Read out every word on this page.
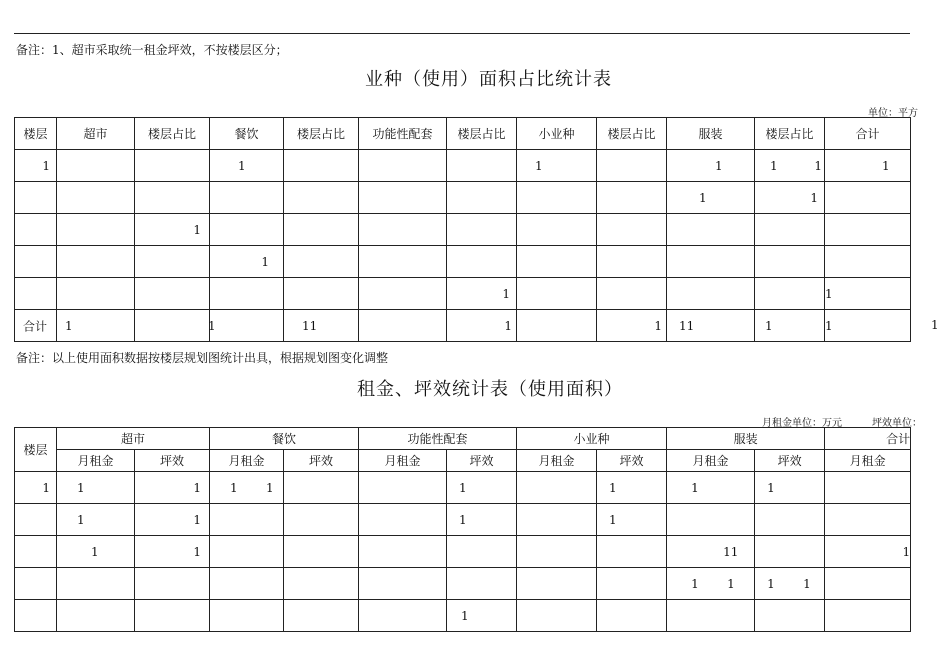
备注：1、超市采取统一租金坪效，不按楼层区分；
业种（使用）面积占比统计表
单位：平方
楼层	超市	楼层占比	餐饮	楼层占比	功能性配套	楼层占比	小业种	楼层占比	服装	楼层占比	合计

1			1				1		1	1 1	1

									1	1	

		1									

			1								

						1					1

合计	1		1	11		1		1	11	1	1	1
备注：以上使用面积数据按楼层规划图统计出具，根据规划图变化调整
租金、坪效统计表（使用面积）
月租金单位：万元	坪效单位：
楼层	超市		餐饮		功能性配套		小业种		服装		合计
	月租金	坪效	月租金	坪效	月租金	坪效	月租金	坪效	月租金	坪效	月租金

1	1	1	1 1			1		1	1	1	

	1	1				1		1			

	1	1							11		1

									1 1	1 1	

						1					
